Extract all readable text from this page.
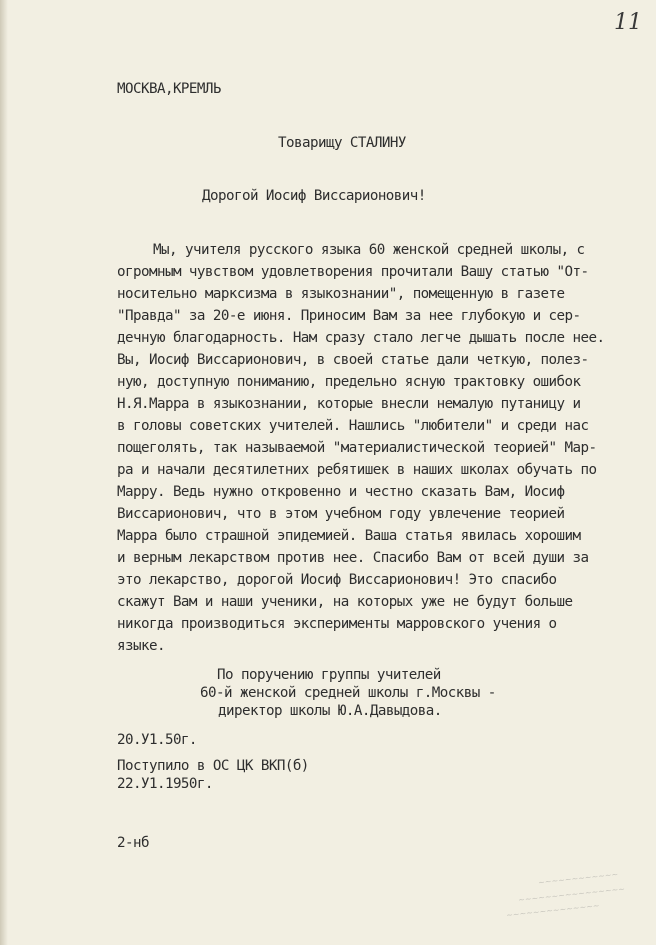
11
МОСКВА,КРЕМЛЬ
Товарищу СТАЛИНУ
Дорогой Иосиф Виссарионович!
Мы, учителя русского языка 60 женской средней школы, с
огромным чувством удовлетворения прочитали Вашу статью "От-
носительно марксизма в языкознании", помещенную в газете
"Правда" за 20-е июня. Приносим Вам за нее глубокую и сер-
дечную благодарность. Нам сразу стало легче дышать после нее.
Вы, Иосиф Виссарионович, в своей статье дали четкую, полез-
ную, доступную пониманию, предельно ясную трактовку ошибок
Н.Я.Марра в языкознании, которые внесли немалую путаницу и
в головы советских учителей. Нашлись "любители" и среди нас
пощеголять, так называемой "материалистической теорией" Мар-
ра и начали десятилетних ребятишек в наших школах обучать по
Марру. Ведь нужно откровенно и честно сказать Вам, Иосиф
Виссарионович, что в этом учебном году увлечение теорией
Марра было страшной эпидемией. Ваша статья явилась хорошим
и верным лекарством против нее. Спасибо Вам от всей души за
это лекарство, дорогой Иосиф Виссарионович! Это спасибо
скажут Вам и наши ученики, на которых уже не будут больше
никогда производиться эксперименты марровского учения о
языке.
По поручению группы учителей
60-й женской средней школы г.Москвы -
директор школы Ю.А.Давыдова.
20.У1.50г.
Поступило в ОС ЦК ВКП(б)
22.У1.1950г.
2-нб
~~~~~~~~~~~~
~~~~~~~~~~~~~~~~
~~~~~~~~~~~~~~
